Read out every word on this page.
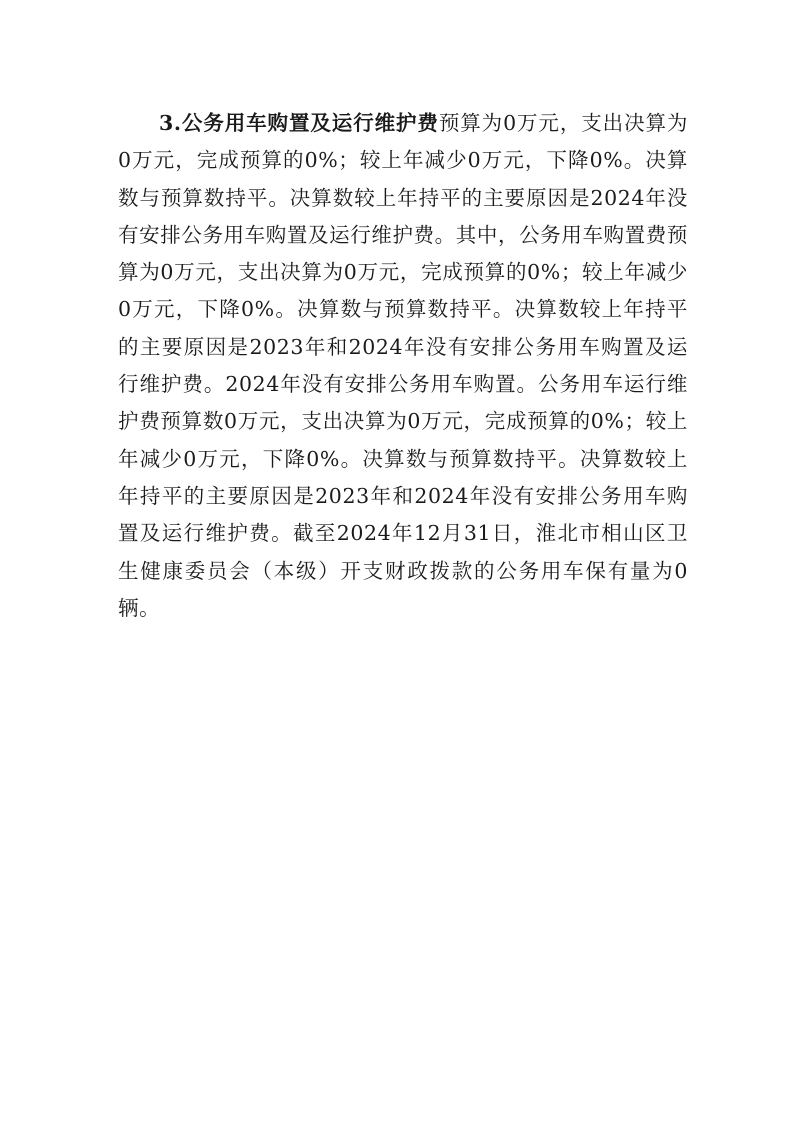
3.公务用车购置及运行维护费预算为0万元，支出决算为0万元，完成预算的0%；较上年减少0万元，下降0%。决算数与预算数持平。决算数较上年持平的主要原因是2024年没有安排公务用车购置及运行维护费。其中，公务用车购置费预算为0万元，支出决算为0万元，完成预算的0%；较上年减少0万元，下降0%。决算数与预算数持平。决算数较上年持平的主要原因是2023年和2024年没有安排公务用车购置及运行维护费。2024年没有安排公务用车购置。公务用车运行维护费预算数0万元，支出决算为0万元，完成预算的0%；较上年减少0万元，下降0%。决算数与预算数持平。决算数较上年持平的主要原因是2023年和2024年没有安排公务用车购置及运行维护费。截至2024年12月31日，淮北市相山区卫生健康委员会（本级）开支财政拨款的公务用车保有量为0辆。
